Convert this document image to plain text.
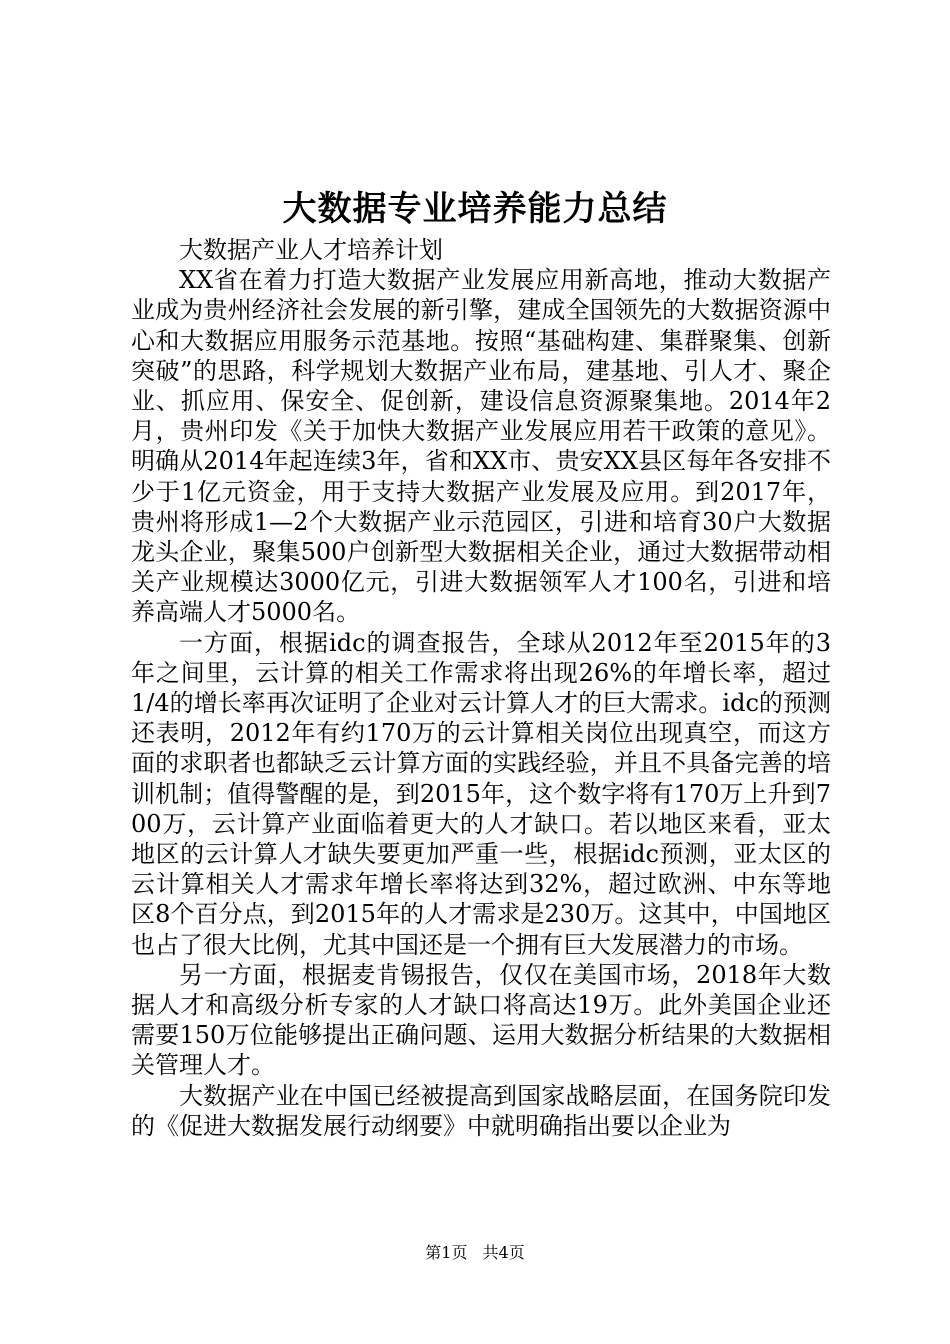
大数据专业培养能力总结

大数据产业人才培养计划

XX省在着力打造大数据产业发展应用新高地，推动大数据产业成为贵州经济社会发展的新引擎，建成全国领先的大数据资源中心和大数据应用服务示范基地。按照“基础构建、集群聚集、创新突破”的思路，科学规划大数据产业布局，建基地、引人才、聚企业、抓应用、保安全、促创新，建设信息资源聚集地。2014年2月，贵州印发《关于加快大数据产业发展应用若干政策的意见》。明确从2014年起连续3年，省和XX市、贵安XX县区每年各安排不少于1亿元资金，用于支持大数据产业发展及应用。到2017年，贵州将形成1—2个大数据产业示范园区，引进和培育30户大数据龙头企业，聚集500户创新型大数据相关企业，通过大数据带动相关产业规模达3000亿元，引进大数据领军人才100名，引进和培养高端人才5000名。

一方面，根据idc的调查报告，全球从2012年至2015年的3年之间里，云计算的相关工作需求将出现26%的年增长率，超过1/4的增长率再次证明了企业对云计算人才的巨大需求。idc的预测还表明，2012年有约170万的云计算相关岗位出现真空，而这方面的求职者也都缺乏云计算方面的实践经验，并且不具备完善的培训机制；值得警醒的是，到2015年，这个数字将有170万上升到700万，云计算产业面临着更大的人才缺口。若以地区来看，亚太地区的云计算人才缺失要更加严重一些，根据idc预测，亚太区的云计算相关人才需求年增长率将达到32%，超过欧洲、中东等地区8个百分点，到2015年的人才需求是230万。这其中，中国地区也占了很大比例，尤其中国还是一个拥有巨大发展潜力的市场。

另一方面，根据麦肯锡报告，仅仅在美国市场，2018年大数据人才和高级分析专家的人才缺口将高达19万。此外美国企业还需要150万位能够提出正确问题、运用大数据分析结果的大数据相关管理人才。

大数据产业在中国已经被提高到国家战略层面，在国务院印发的《促进大数据发展行动纲要》中就明确指出要以企业为

第1页 共4页
